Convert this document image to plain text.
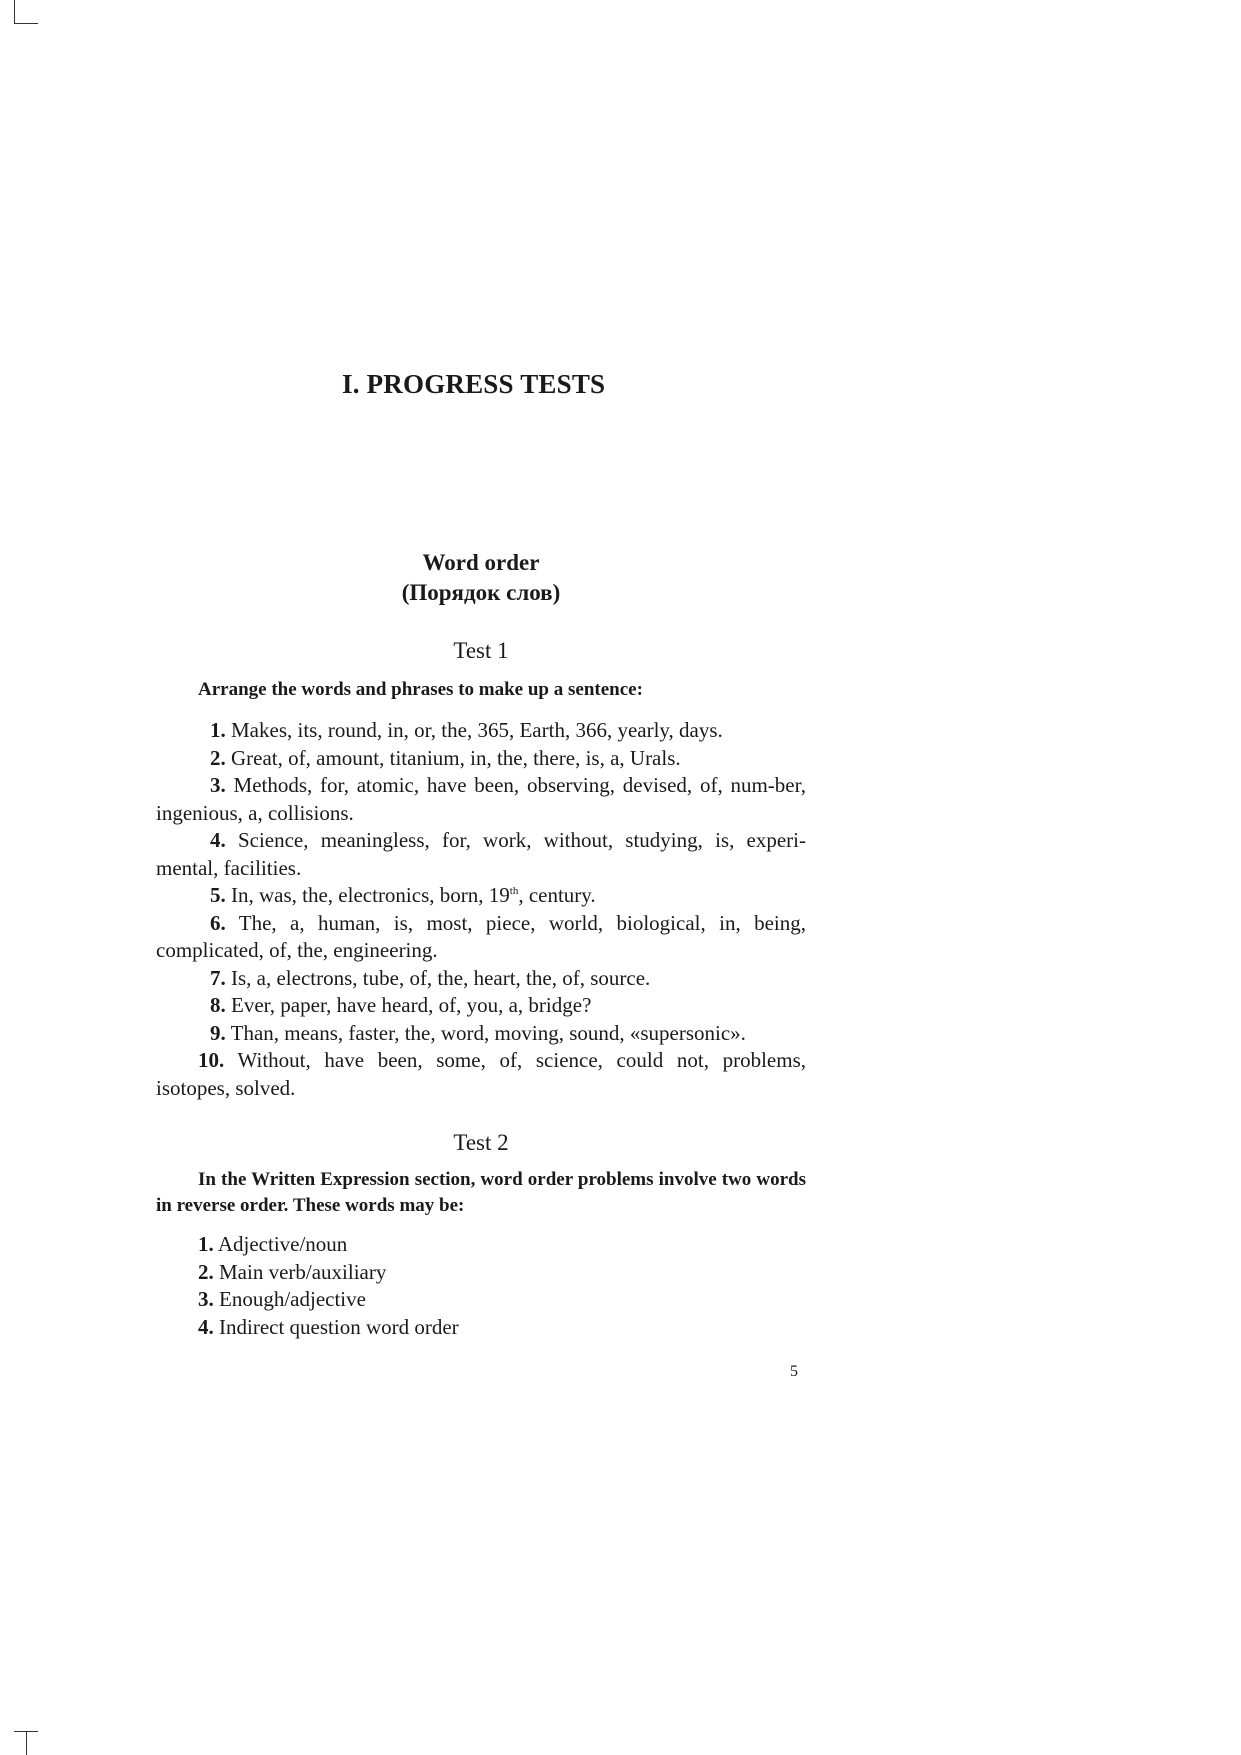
I. PROGRESS TESTS
Word order
(Порядок слов)
Test 1

Arrange the words and phrases to make up a sentence:

1. Makes, its, round, in, or, the, 365, Earth, 366, yearly, days.
2. Great, of, amount, titanium, in, the, there, is, a, Urals.
3. Methods, for, atomic, have been, observing, devised, of, num-ber, ingenious, a, collisions.
4. Science, meaningless, for, work, without, studying, is, experi-mental, facilities.
5. In, was, the, electronics, born, 19th, century.
6. The, a, human, is, most, piece, world, biological, in, being, complicated, of, the, engineering.
7. Is, a, electrons, tube, of, the, heart, the, of, source.
8. Ever, paper, have heard, of, you, a, bridge?
9. Than, means, faster, the, word, moving, sound, «supersonic».
10. Without, have been, some, of, science, could not, problems, isotopes, solved.
Test 2

In the Written Expression section, word order problems involve two words in reverse order. These words may be:

1. Adjective/noun
2. Main verb/auxiliary
3. Enough/adjective
4. Indirect question word order

5
